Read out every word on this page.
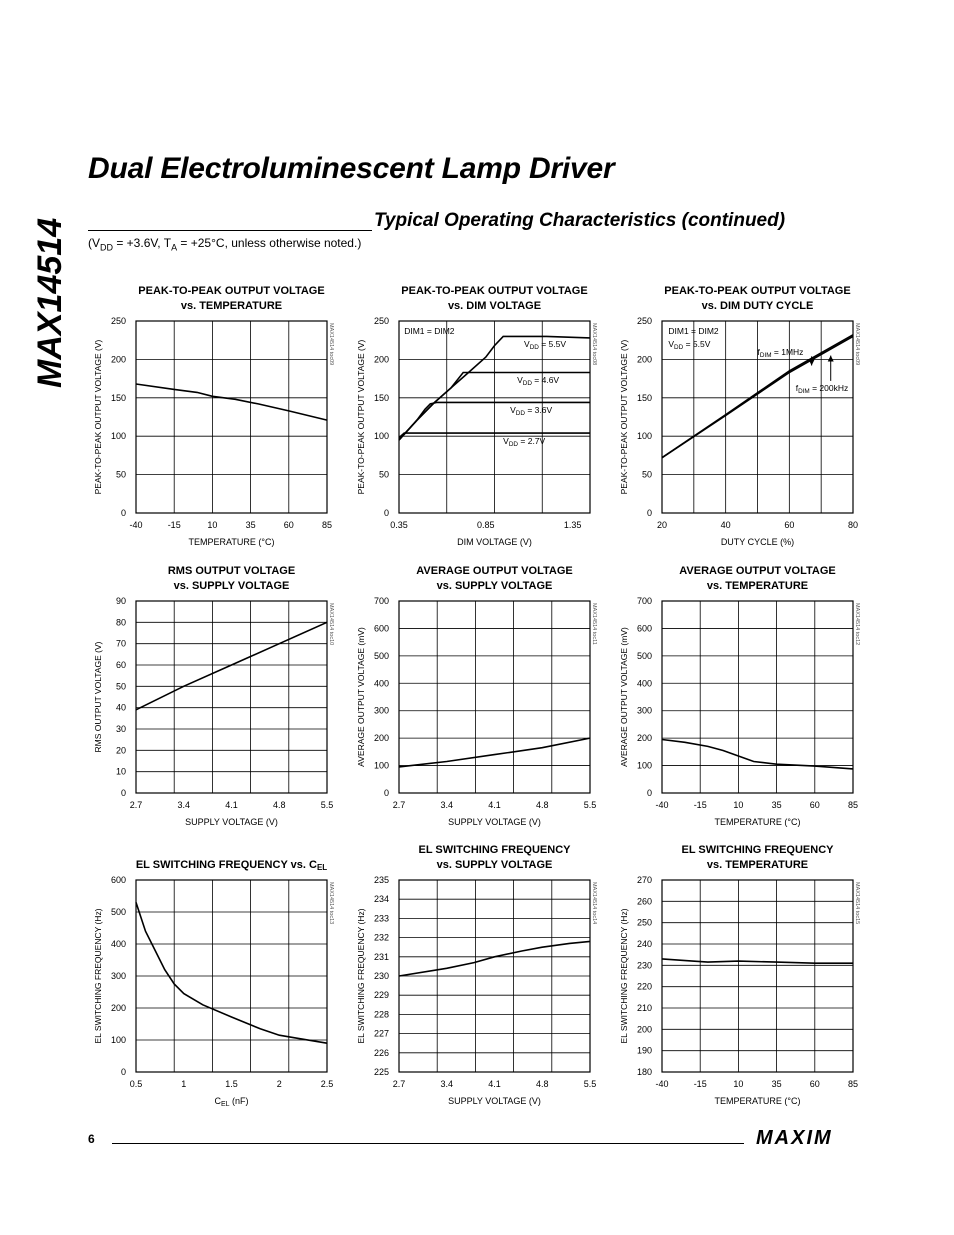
MAX14514
Dual Electroluminescent Lamp Driver
Typical Operating Characteristics (continued)
($V_{DD} = +3.6V$, $T_A = +25^\circ C$, unless otherwise noted.)
PEAK-TO-PEAK OUTPUT VOLTAGE
vs. TEMPERATURE
0
50
100
150
200
250
-40	-15	10	35	60	85
TEMPERATURE (°C)
PEAK-TO-PEAK OUTPUT VOLTAGE (V)	MAX14514 toc09
PEAK-TO-PEAK OUTPUT VOLTAGE
vs. DIM VOLTAGE
0
50
100
150
200
250
0.35	0.85	1.35
DIM VOLTAGE (V)
PEAK-TO-PEAK OUTPUT VOLTAGE (V)	MAX14514 toc08
DIM1 = DIM2
$V_{DD} = 5.5V$
$V_{DD} = 4.6V$
$V_{DD} = 3.6V$
$V_{DD} = 2.7V$
PEAK-TO-PEAK OUTPUT VOLTAGE
vs. DIM DUTY CYCLE
0
50
100
150
200
250
20	40	60	80
DUTY CYCLE (%)
PEAK-TO-PEAK OUTPUT VOLTAGE (V)	MAX14514 toc09
DIM1 = DIM2
$V_{DD} = 5.5V$
$f_{DIM} = 1MHz$
$f_{DIM} = 200kHz$
RMS OUTPUT VOLTAGE
vs. SUPPLY VOLTAGE
0
10
20
30
40
50
60
70
80
90
2.7	3.4	4.1	4.8	5.5
SUPPLY VOLTAGE (V)
RMS OUTPUT VOLTAGE (V)
MAX14514 toc10
AVERAGE OUTPUT VOLTAGE
vs. SUPPLY VOLTAGE
0
100
200
300
400
500
600
700
2.7	3.4	4.1	4.8	5.5
SUPPLY VOLTAGE (V)
AVERAGE OUTPUT VOLTAGE (mV)
MAX14514 toc11
AVERAGE OUTPUT VOLTAGE
vs. TEMPERATURE
0
100
200
300
400
500
600
700
-40	-15	10	35	60	85
TEMPERATURE (°C)
AVERAGE OUTPUT VOLTAGE (mV)
MAX14514 toc12
EL SWITCHING FREQUENCY vs. CEL
0
100
200
300
400
500
600
0.5	1	1.5	2	2.5
$C_{EL}$ (nF)
EL SWITCHING FREQUENCY (Hz)
MAX14514 toc13
EL SWITCHING FREQUENCY
vs. SUPPLY VOLTAGE
225
226
227
228
229
230
231
232
233
234
235
2.7	3.4	4.1	4.8	5.5
SUPPLY VOLTAGE (V)
EL SWITCHING FREQUENCY (Hz)
MAX14514 toc14
EL SWITCHING FREQUENCY
vs. TEMPERATURE
180
190
200
210
220
230
240
250
260
270
-40	-15	10	35	60	85
TEMPERATURE (°C)
EL SWITCHING FREQUENCY (Hz)
MAX14514 toc15
6	MAXIM
